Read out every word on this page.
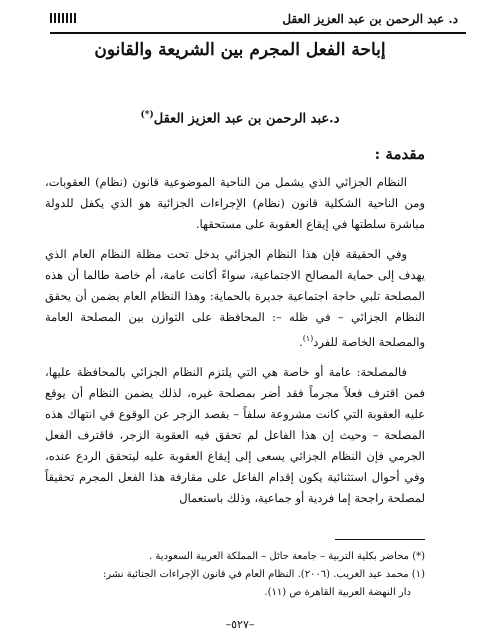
د. عبد الرحمن بن عبد العزيز العقل
إباحة الفعل المجرم بين الشريعة والقانون
د.عبد الرحمن بن عبد العزيز العقل(*)
مقدمة :

النظام الجزائي الذي يشمل من الناحية الموضوعية قانون (نظام) العقوبات، ومن الناحية الشكلية قانون (نظام) الإجراءات الجزائية هو الذي يكفل للدولة مباشرة سلطتها في إيقاع العقوبة على مستحقها.

وفي الحقيقة فإن هذا النظام الجزائي يدخل تحت مظلة النظام العام الذي يهدف إلى حماية المصالح الاجتماعية، سواءً أكانت عامة، أم خاصة طالما أن هذه المصلحة تلبي حاجة اجتماعية جديرة بالحماية: وهذا النظام العام يضمن أن يحقق النظام الجزائي – في ظله –: المحافظة على التوازن بين المصلحة العامة والمصلحة الخاصة للفرد$^{(١)}$.

فالمصلحة: عامة أو خاصة هي التي يلتزم النظام الجزائي بالمحافظة عليها، فمن اقترف فعلاً مجرماً فقد أضر بمصلحة غيره، لذلك يضمن النظام أن يوقع عليه العقوبة التي كانت مشروعة سلفاً – بقصد الزجر عن الوقوع في انتهاك هذه المصلحة – وحيث إن هذا الفاعل لم تحقق فيه العقوبة الزجر، فاقترف الفعل الجرمي فإن النظام الجزائي يسعى إلى إيقاع العقوبة عليه ليتحقق الردع عنده، وفي أحوال استثنائية يكون إقدام الفاعل على مقارفة هذا الفعل المجرم تحقيقاً لمصلحة راجحة إما فردية أو جماعية، وذلك باستعمال

(*) محاضر بكلية التربية – جامعة حائل – المملكة العربية السعودية .
(١) محمد عيد الغريب. (٢٠٠٦). النظام العام في قانون الإجراءات الجنائية نشر:
دار النهضة العربية القاهرة ص (١١).
–٥٢٧–
